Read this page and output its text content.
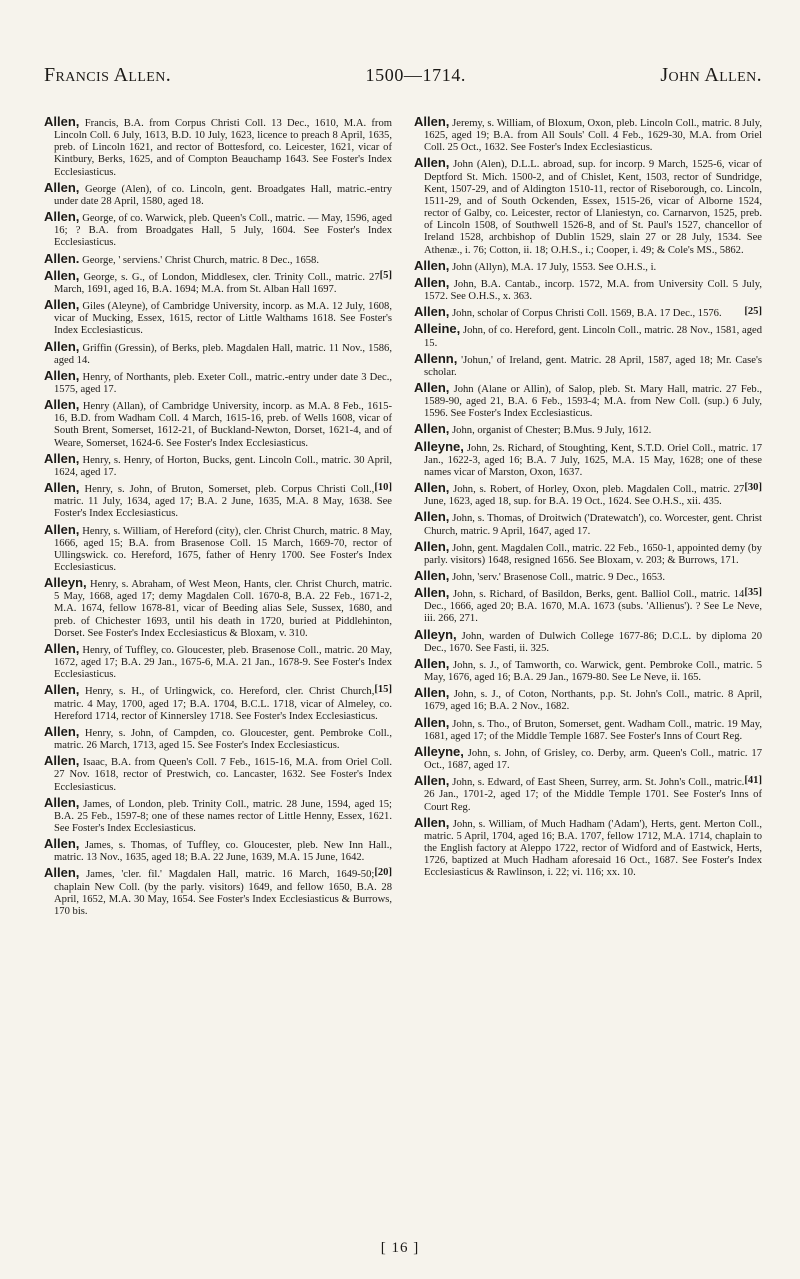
Francis Allen.	1500—1714.	John Allen.

Allen, Francis, B.A. from Corpus Christi Coll. 13 Dec., 1610, M.A. from Lincoln Coll. 6 July, 1613, B.D. 10 July, 1623, licence to preach 8 April, 1635, preb. of Lincoln 1621, and rector of Bottesford, co. Leicester, 1621, vicar of Kintbury, Berks, 1625, and of Compton Beauchamp 1643. See Foster's Index Ecclesiasticus.

Allen, George (Alen), of co. Lincoln, gent. Broadgates Hall, matric.-entry under date 28 April, 1580, aged 18.

Allen, George, of co. Warwick, pleb. Queen's Coll., matric. — May, 1596, aged 16; ? B.A. from Broadgates Hall, 5 July, 1604. See Foster's Index Ecclesiasticus.

Allen. George, ' serviens.' Christ Church, matric. 8 Dec., 1658.

[5]
Allen, George, s. G., of London, Middlesex, cler. Trinity Coll., matric. 27 March, 1691, aged 16, B.A. 1694; M.A. from St. Alban Hall 1697.

Allen, Giles (Aleyne), of Cambridge University, incorp. as M.A. 12 July, 1608, vicar of Mucking, Essex, 1615, rector of Little Walthams 1618. See Foster's Index Ecclesiasticus.

Allen, Griffin (Gressin), of Berks, pleb. Magdalen Hall, matric. 11 Nov., 1586, aged 14.

Allen, Henry, of Northants, pleb. Exeter Coll., matric.-entry under date 3 Dec., 1575, aged 17.

Allen, Henry (Allan), of Cambridge University, incorp. as M.A. 8 Feb., 1615-16, B.D. from Wadham Coll. 4 March, 1615-16, preb. of Wells 1608, vicar of South Brent, Somerset, 1612-21, of Buckland-Newton, Dorset, 1621-4, and of Weare, Somerset, 1624-6. See Foster's Index Ecclesiasticus.

Allen, Henry, s. Henry, of Horton, Bucks, gent. Lincoln Coll., matric. 30 April, 1624, aged 17.

[10]
Allen, Henry, s. John, of Bruton, Somerset, pleb. Corpus Christi Coll., matric. 11 July, 1634, aged 17; B.A. 2 June, 1635, M.A. 8 May, 1638. See Foster's Index Ecclesiasticus.

Allen, Henry, s. William, of Hereford (city), cler. Christ Church, matric. 8 May, 1666, aged 15; B.A. from Brasenose Coll. 15 March, 1669-70, rector of Ullingswick. co. Hereford, 1675, father of Henry 1700. See Foster's Index Ecclesiasticus.

Alleyn, Henry, s. Abraham, of West Meon, Hants, cler. Christ Church, matric. 5 May, 1668, aged 17; demy Magdalen Coll. 1670-8, B.A. 22 Feb., 1671-2, M.A. 1674, fellow 1678-81, vicar of Beeding alias Sele, Sussex, 1680, and preb. of Chichester 1693, until his death in 1720, buried at Piddlehinton, Dorset. See Foster's Index Ecclesiasticus & Bloxam, v. 310.

Allen, Henry, of Tuffley, co. Gloucester, pleb. Brasenose Coll., matric. 20 May, 1672, aged 17; B.A. 29 Jan., 1675-6, M.A. 21 Jan., 1678-9. See Foster's Index Ecclesiasticus.

[15]
Allen, Henry, s. H., of Urlingwick, co. Hereford, cler. Christ Church, matric. 4 May, 1700, aged 17; B.A. 1704, B.C.L. 1718, vicar of Almeley, co. Hereford 1714, rector of Kinnersley 1718. See Foster's Index Ecclesiasticus.

Allen, Henry, s. John, of Campden, co. Gloucester, gent. Pembroke Coll., matric. 26 March, 1713, aged 15. See Foster's Index Ecclesiasticus.

Allen, Isaac, B.A. from Queen's Coll. 7 Feb., 1615-16, M.A. from Oriel Coll. 27 Nov. 1618, rector of Prestwich, co. Lancaster, 1632. See Foster's Index Ecclesiasticus.

Allen, James, of London, pleb. Trinity Coll., matric. 28 June, 1594, aged 15; B.A. 25 Feb., 1597-8; one of these names rector of Little Henny, Essex, 1621. See Foster's Index Ecclesiasticus.

Allen, James, s. Thomas, of Tuffley, co. Gloucester, pleb. New Inn Hall., matric. 13 Nov., 1635, aged 18; B.A. 22 June, 1639, M.A. 15 June, 1642.

[20]
Allen, James, 'cler. fil.' Magdalen Hall, matric. 16 March, 1649-50; chaplain New Coll. (by the parly. visitors) 1649, and fellow 1650, B.A. 28 April, 1652, M.A. 30 May, 1654. See Foster's Index Ecclesiasticus & Burrows, 170 bis.

Allen, Jeremy, s. William, of Bloxum, Oxon, pleb. Lincoln Coll., matric. 8 July, 1625, aged 19; B.A. from All Souls' Coll. 4 Feb., 1629-30, M.A. from Oriel Coll. 25 Oct., 1632. See Foster's Index Ecclesiasticus.

Allen, John (Alen), D.L.L. abroad, sup. for incorp. 9 March, 1525-6, vicar of Deptford St. Mich. 1500-2, and of Chislet, Kent, 1503, rector of Sundridge, Kent, 1507-29, and of Aldington 1510-11, rector of Riseborough, co. Lincoln, 1511-29, and of South Ockenden, Essex, 1515-26, vicar of Alborne 1524, rector of Galby, co. Leicester, rector of Llaniestyn, co. Carnarvon, 1525, preb. of Lincoln 1508, of Southwell 1526-8, and of St. Paul's 1527, chancellor of Ireland 1528, archbishop of Dublin 1529, slain 27 or 28 July, 1534. See Athenæ., i. 76; Cotton, ii. 18; O.H.S., i.; Cooper, i. 49; & Cole's MS., 5862.

Allen, John (Allyn), M.A. 17 July, 1553. See O.H.S., i.

Allen, John, B.A. Cantab., incorp. 1572, M.A. from University Coll. 5 July, 1572. See O.H.S., x. 363.

[25]
Allen, John, scholar of Corpus Christi Coll. 1569, B.A. 17 Dec., 1576.

Alleine, John, of co. Hereford, gent. Lincoln Coll., matric. 28 Nov., 1581, aged 15.

Allenn, 'Johun,' of Ireland, gent. Matric. 28 April, 1587, aged 18; Mr. Case's scholar.

Allen, John (Alane or Allin), of Salop, pleb. St. Mary Hall, matric. 27 Feb., 1589-90, aged 21, B.A. 6 Feb., 1593-4; M.A. from New Coll. (sup.) 6 July, 1596. See Foster's Index Ecclesiasticus.

Allen, John, organist of Chester; B.Mus. 9 July, 1612.

Alleyne, John, 2s. Richard, of Stoughting, Kent, S.T.D. Oriel Coll., matric. 17 Jan., 1622-3, aged 16; B.A. 7 July, 1625, M.A. 15 May, 1628; one of these names vicar of Marston, Oxon, 1637.

[30]
Allen, John, s. Robert, of Horley, Oxon, pleb. Magdalen Coll., matric. 27 June, 1623, aged 18, sup. for B.A. 19 Oct., 1624. See O.H.S., xii. 435.

Allen, John, s. Thomas, of Droitwich ('Dratewatch'), co. Worcester, gent. Christ Church, matric. 9 April, 1647, aged 17.

Allen, John, gent. Magdalen Coll., matric. 22 Feb., 1650-1, appointed demy (by parly. visitors) 1648, resigned 1656. See Bloxam, v. 203; & Burrows, 171.

Allen, John, 'serv.' Brasenose Coll., matric. 9 Dec., 1653.

[35]
Allen, John, s. Richard, of Basildon, Berks, gent. Balliol Coll., matric. 14 Dec., 1666, aged 20; B.A. 1670, M.A. 1673 (subs. 'Allienus'). ? See Le Neve, iii. 266, 271.

Alleyn, John, warden of Dulwich College 1677-86; D.C.L. by diploma 20 Dec., 1670. See Fasti, ii. 325.

Allen, John, s. J., of Tamworth, co. Warwick, gent. Pembroke Coll., matric. 5 May, 1676, aged 16; B.A. 29 Jan., 1679-80. See Le Neve, ii. 165.

Allen, John, s. J., of Coton, Northants, p.p. St. John's Coll., matric. 8 April, 1679, aged 16; B.A. 2 Nov., 1682.

Allen, John, s. Tho., of Bruton, Somerset, gent. Wadham Coll., matric. 19 May, 1681, aged 17; of the Middle Temple 1687. See Foster's Inns of Court Reg.

Alleyne, John, s. John, of Grisley, co. Derby, arm. Queen's Coll., matric. 17 Oct., 1687, aged 17.

[41]
Allen, John, s. Edward, of East Sheen, Surrey, arm. St. John's Coll., matric. 26 Jan., 1701-2, aged 17; of the Middle Temple 1701. See Foster's Inns of Court Reg.

Allen, John, s. William, of Much Hadham ('Adam'), Herts, gent. Merton Coll., matric. 5 April, 1704, aged 16; B.A. 1707, fellow 1712, M.A. 1714, chaplain to the English factory at Aleppo 1722, rector of Widford and of Eastwick, Herts, 1726, baptized at Much Hadham aforesaid 16 Oct., 1687. See Foster's Index Ecclesiasticus & Rawlinson, i. 22; vi. 116; xx. 10.

[ 16 ]
